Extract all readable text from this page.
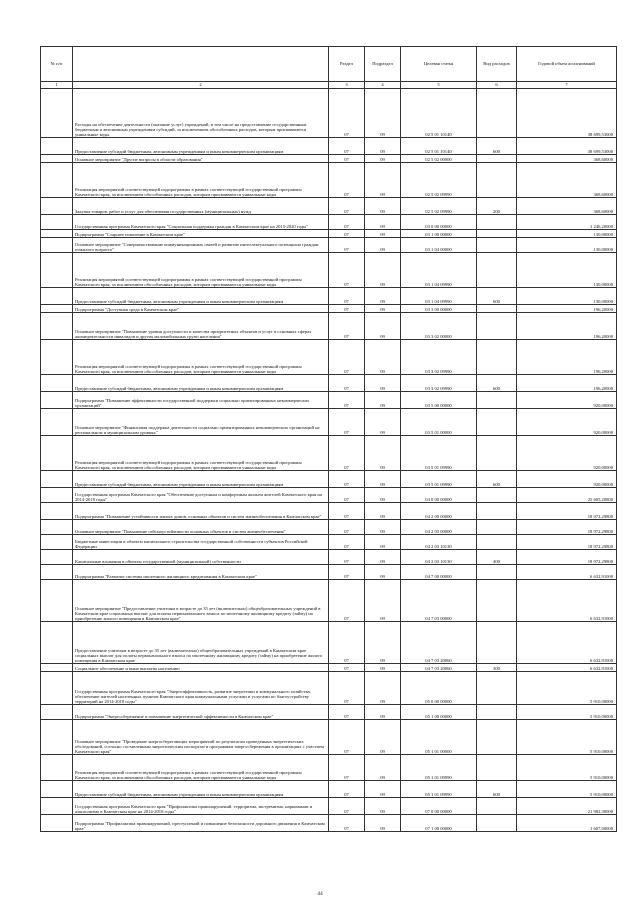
№ п/п		Раздел	Подраздел	Целевая статья	Вид расходов	Годовой объем ассигнований
1	2	3	4	5	6	7
	Расходы на обеспечение деятельности (оказание услуг) учреждений, в том числе на предоставление государственным бюджетным и автономным учреждениям субсидий, за исключением обособленных расходов, которым присваиваются уникальные коды	07	09	02 5 01 10140		38 699,53000
	Предоставление субсидий бюджетным, автономным учреждениям и иным некоммерческим организациям	07	09	02 5 01 10140	600	38 699,53000
	Основное мероприятие "Другие вопросы в области образования"	07	09	02 5 02 00000		368,60000
	Реализация мероприятий соответствующей подпрограммы в рамках соответствующей государственной программы Камчатского края, за исключением обособленных расходов, которым присваиваются уникальные коды	07	09	02 5 02 09990		368,60000
	Закупка товаров, работ и услуг для обеспечения государственных (муниципальных) нужд	07	09	02 5 02 09990	200	368,60000
	Государственная программа Камчатского края "Социальная поддержка граждан в Камчатском крае на 2015-2020 годы"	07	09	03 0 00 00000		1 246,20000
	Подпрограмма "Старшее поколение в Камчатском крае"	07	09	03 1 00 00000		130,00000
	Основное мероприятие "Совершенствование коммуникационных связей и развитие интеллектуального потенциала граждан пожилого возраста"	07	09	03 1 04 00000		130,00000
	Реализация мероприятий соответствующей подпрограммы в рамках соответствующей государственной программы Камчатского края, за исключением обособленных расходов, которым присваиваются уникальные коды	07	09	03 1 04 09990		130,00000
	Предоставление субсидий бюджетным, автономным учреждениям и иным некоммерческим организациям	07	09	03 1 04 09990	600	130,00000
	Подпрограмма "Доступная среда в Камчатском крае"	07	09	03 3 00 00000		196,20000
	Основное мероприятие "Повышение уровня доступности и качества приоритетных объектов и услуг в основных сферах жизнедеятельности инвалидов и других маломобильных групп населения"	07	09	03 3 02 00000		196,20000
	Реализация мероприятий соответствующей подпрограммы в рамках соответствующей государственной программы Камчатского края, за исключением обособленных расходов, которым присваиваются уникальные коды	07	09	03 3 02 09990		196,20000
	Предоставление субсидий бюджетным, автономным учреждениям и иным некоммерческим организациям	07	09	03 3 02 09990	600	196,20000
	Подпрограмма "Повышение эффективности государственной поддержки социально ориентированных некоммерческих организаций"	07	09	03 5 00 00000		920,00000
	Основное мероприятие "Финансовая поддержка деятельности социально ориентированных некоммерческих организаций на региональном и муниципальном уровнях"	07	09	03 5 01 00000		920,00000
	Реализация мероприятий соответствующей подпрограммы в рамках соответствующей государственной программы Камчатского края, за исключением обособленных расходов, которым присваиваются уникальные коды	07	09	03 5 01 09990		920,00000
	Предоставление субсидий бюджетным, автономным учреждениям и иным некоммерческим организациям	07	09	03 5 01 09990	600	920,00000
	Государственная программа Камчатского края "Обеспечение доступным и комфортным жильем жителей Камчатского края на 2014-2018 годы"	07	09	04 0 00 00000		25 605,20800
	Подпрограмма "Повышение устойчивости жилых домов, основных объектов и систем жизнеобеспечения в Камчатском крае"	07	09	04 2 00 00000		18 972,29800
	Основное мероприятие "Повышение сейсмоустойчивости основных объектов и систем жизнеобеспечения"	07	09	04 2 03 00000		18 972,29800
	Бюджетные инвестиции в объекты капитального строительства государственной собственности субъектов Российской Федерации	07	09	04 2 03 10130		18 972,29800
	Капитальные вложения в объекты государственной (муниципальной) собственности	07	09	04 2 03 10130	400	18 972,29800
	Подпрограмма "Развитие системы ипотечного жилищного кредитования в Камчатском крае"	07	09	04 7 00 00000		6 632,91000
	Основное мероприятие "Предоставление учителям в возрасте до 35 лет (включительно) общеобразовательных учреждений в Камчатском крае социальных выплат для оплаты первоначального взноса по ипотечному жилищному кредиту (займу) на приобретение жилого помещения в Камчатском крае"	07	09	04 7 03 00000		6 632,91000
	Предоставление учителям в возрасте до 35 лет (включительно) общеобразовательных учреждений в Камчатском крае социальных выплат для оплаты первоначального взноса по ипотечному жилищному кредиту (займу) на приобретение жилого помещения в Камчатском крае	07	09	04 7 03 20060		6 632,91000
	Социальное обеспечение и иные выплаты населению	07	09	04 7 03 20060	300	6 632,91000
	Государственная программа Камчатского края "Энергоэффективность, развитие энергетики и коммунального хозяйства, обеспечение жителей населенных пунктов Камчатского края коммунальными услугами и услугами по благоустройству территорий на 2014-2018 годы"	07	09	05 0 00 00000		5 910,00000
	Подпрограмма "Энергосбережение и повышение энергетической эффективности в Камчатском крае"	07	09	05 1 00 00000		5 910,00000
	Основное мероприятие "Проведение энергосберегающих мероприятий по результатам проведенных энергетических обследований, согласно составленным энергетическим паспортам и программам энергосбережения в организациях с участием Камчатского края"	07	09	05 1 01 00000		5 910,00000
	Реализация мероприятий соответствующей подпрограммы в рамках соответствующей государственной программы Камчатского края, за исключением обособленных расходов, которым присваиваются уникальные коды	07	09	05 1 01 09990		5 910,00000
	Предоставление субсидий бюджетным, автономным учреждениям и иным некоммерческим организациям	07	09	05 1 01 09990	600	5 910,00000
	Государственная программа Камчатского края "Профилактика правонарушений, терроризма, экстремизма, наркомании и алкоголизма в Камчатском крае на 2014-2018 годы"	07	09	07 0 00 00000		21 982,30000
	Подпрограмма "Профилактика правонарушений, преступлений и повышение безопасности дорожного движения в Камчатском крае"	07	09	07 1 00 00000		1 607,00000
44
